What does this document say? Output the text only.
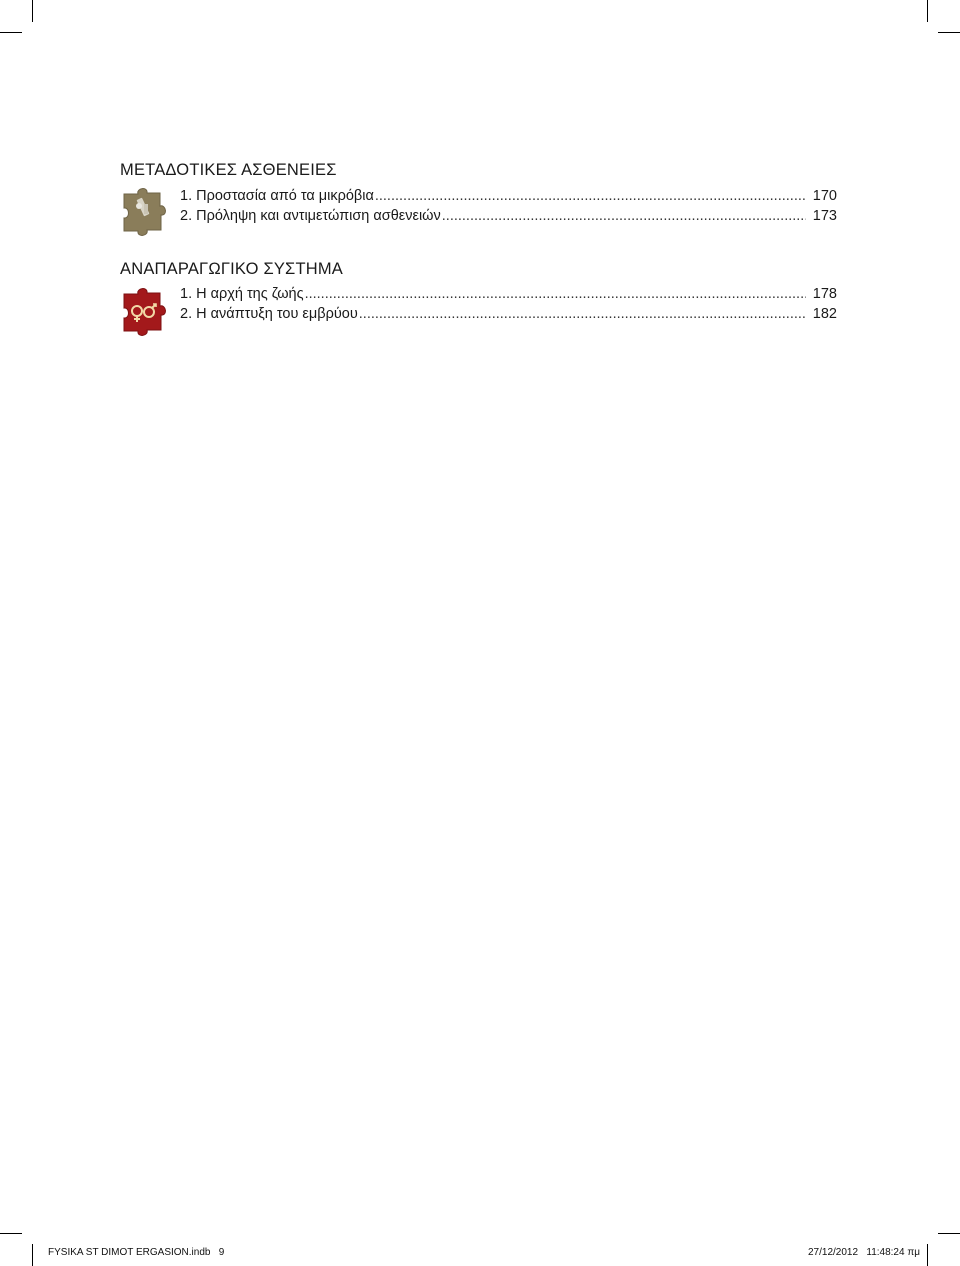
ΜΕΤΑΔΟΤΙΚΕΣ ΑΣΘΕΝΕΙΕΣ
1. Προστασία από τα μικρόβια .....	170
2. Πρόληψη και αντιμετώπιση ασθενειών .....	173
ΑΝΑΠΑΡΑΓΩΓΙΚΟ ΣΥΣΤΗΜΑ
1. Η αρχή της ζωής .....	178
2. Η ανάπτυξη του εμβρύου .....	182
FYSIKA ST DIMOT ERGASION.indb   9	27/12/2012   11:48:24 πμ
